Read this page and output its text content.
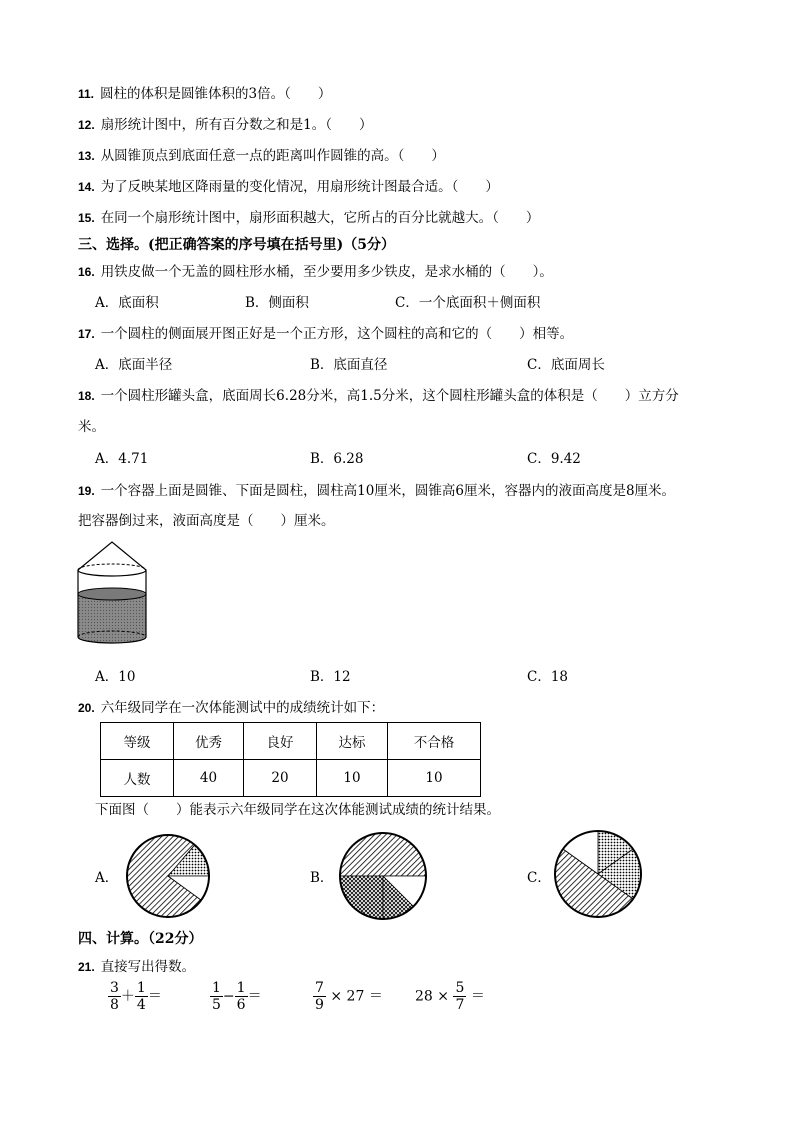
11. 圆柱的体积是圆锥体积的3倍。（　　）
12. 扇形统计图中，所有百分数之和是1。（　　）
13. 从圆锥顶点到底面任意一点的距离叫作圆锥的高。（　　）
14. 为了反映某地区降雨量的变化情况，用扇形统计图最合适。（　　）
15. 在同一个扇形统计图中，扇形面积越大，它所占的百分比就越大。（　　）
三、选择。(把正确答案的序号填在括号里)（5分）
16. 用铁皮做一个无盖的圆柱形水桶，至少要用多少铁皮，是求水桶的（　　）。
A．底面积	B．侧面积	C．一个底面积＋侧面积
17. 一个圆柱的侧面展开图正好是一个正方形，这个圆柱的高和它的（　　）相等。
A．底面半径	B．底面直径	C．底面周长
18. 一个圆柱形罐头盒，底面周长6.28分米，高1.5分米，这个圆柱形罐头盒的体积是（　　）立方分
米。
A．4.71	B．6.28	C．9.42
19. 一个容器上面是圆锥、下面是圆柱，圆柱高10厘米，圆锥高6厘米，容器内的液面高度是8厘米。
把容器倒过来，液面高度是（　　）厘米。
A．10	B．12	C．18
20. 六年级同学在一次体能测试中的成绩统计如下：
等级	优秀	良好	达标	不合格
人数	40	20	10	10
下面图（　　）能表示六年级同学在这次体能测试成绩的统计结果。
A．	B．	C．
四、计算。（22分）
21. 直接写出得数。
$\frac{3}{8} + \frac{1}{4}$ ＝	$\frac{1}{5} - \frac{1}{6}$ ＝	$\frac{7}{9} \times 27 = 28 \times \frac{5}{7}$ ＝
